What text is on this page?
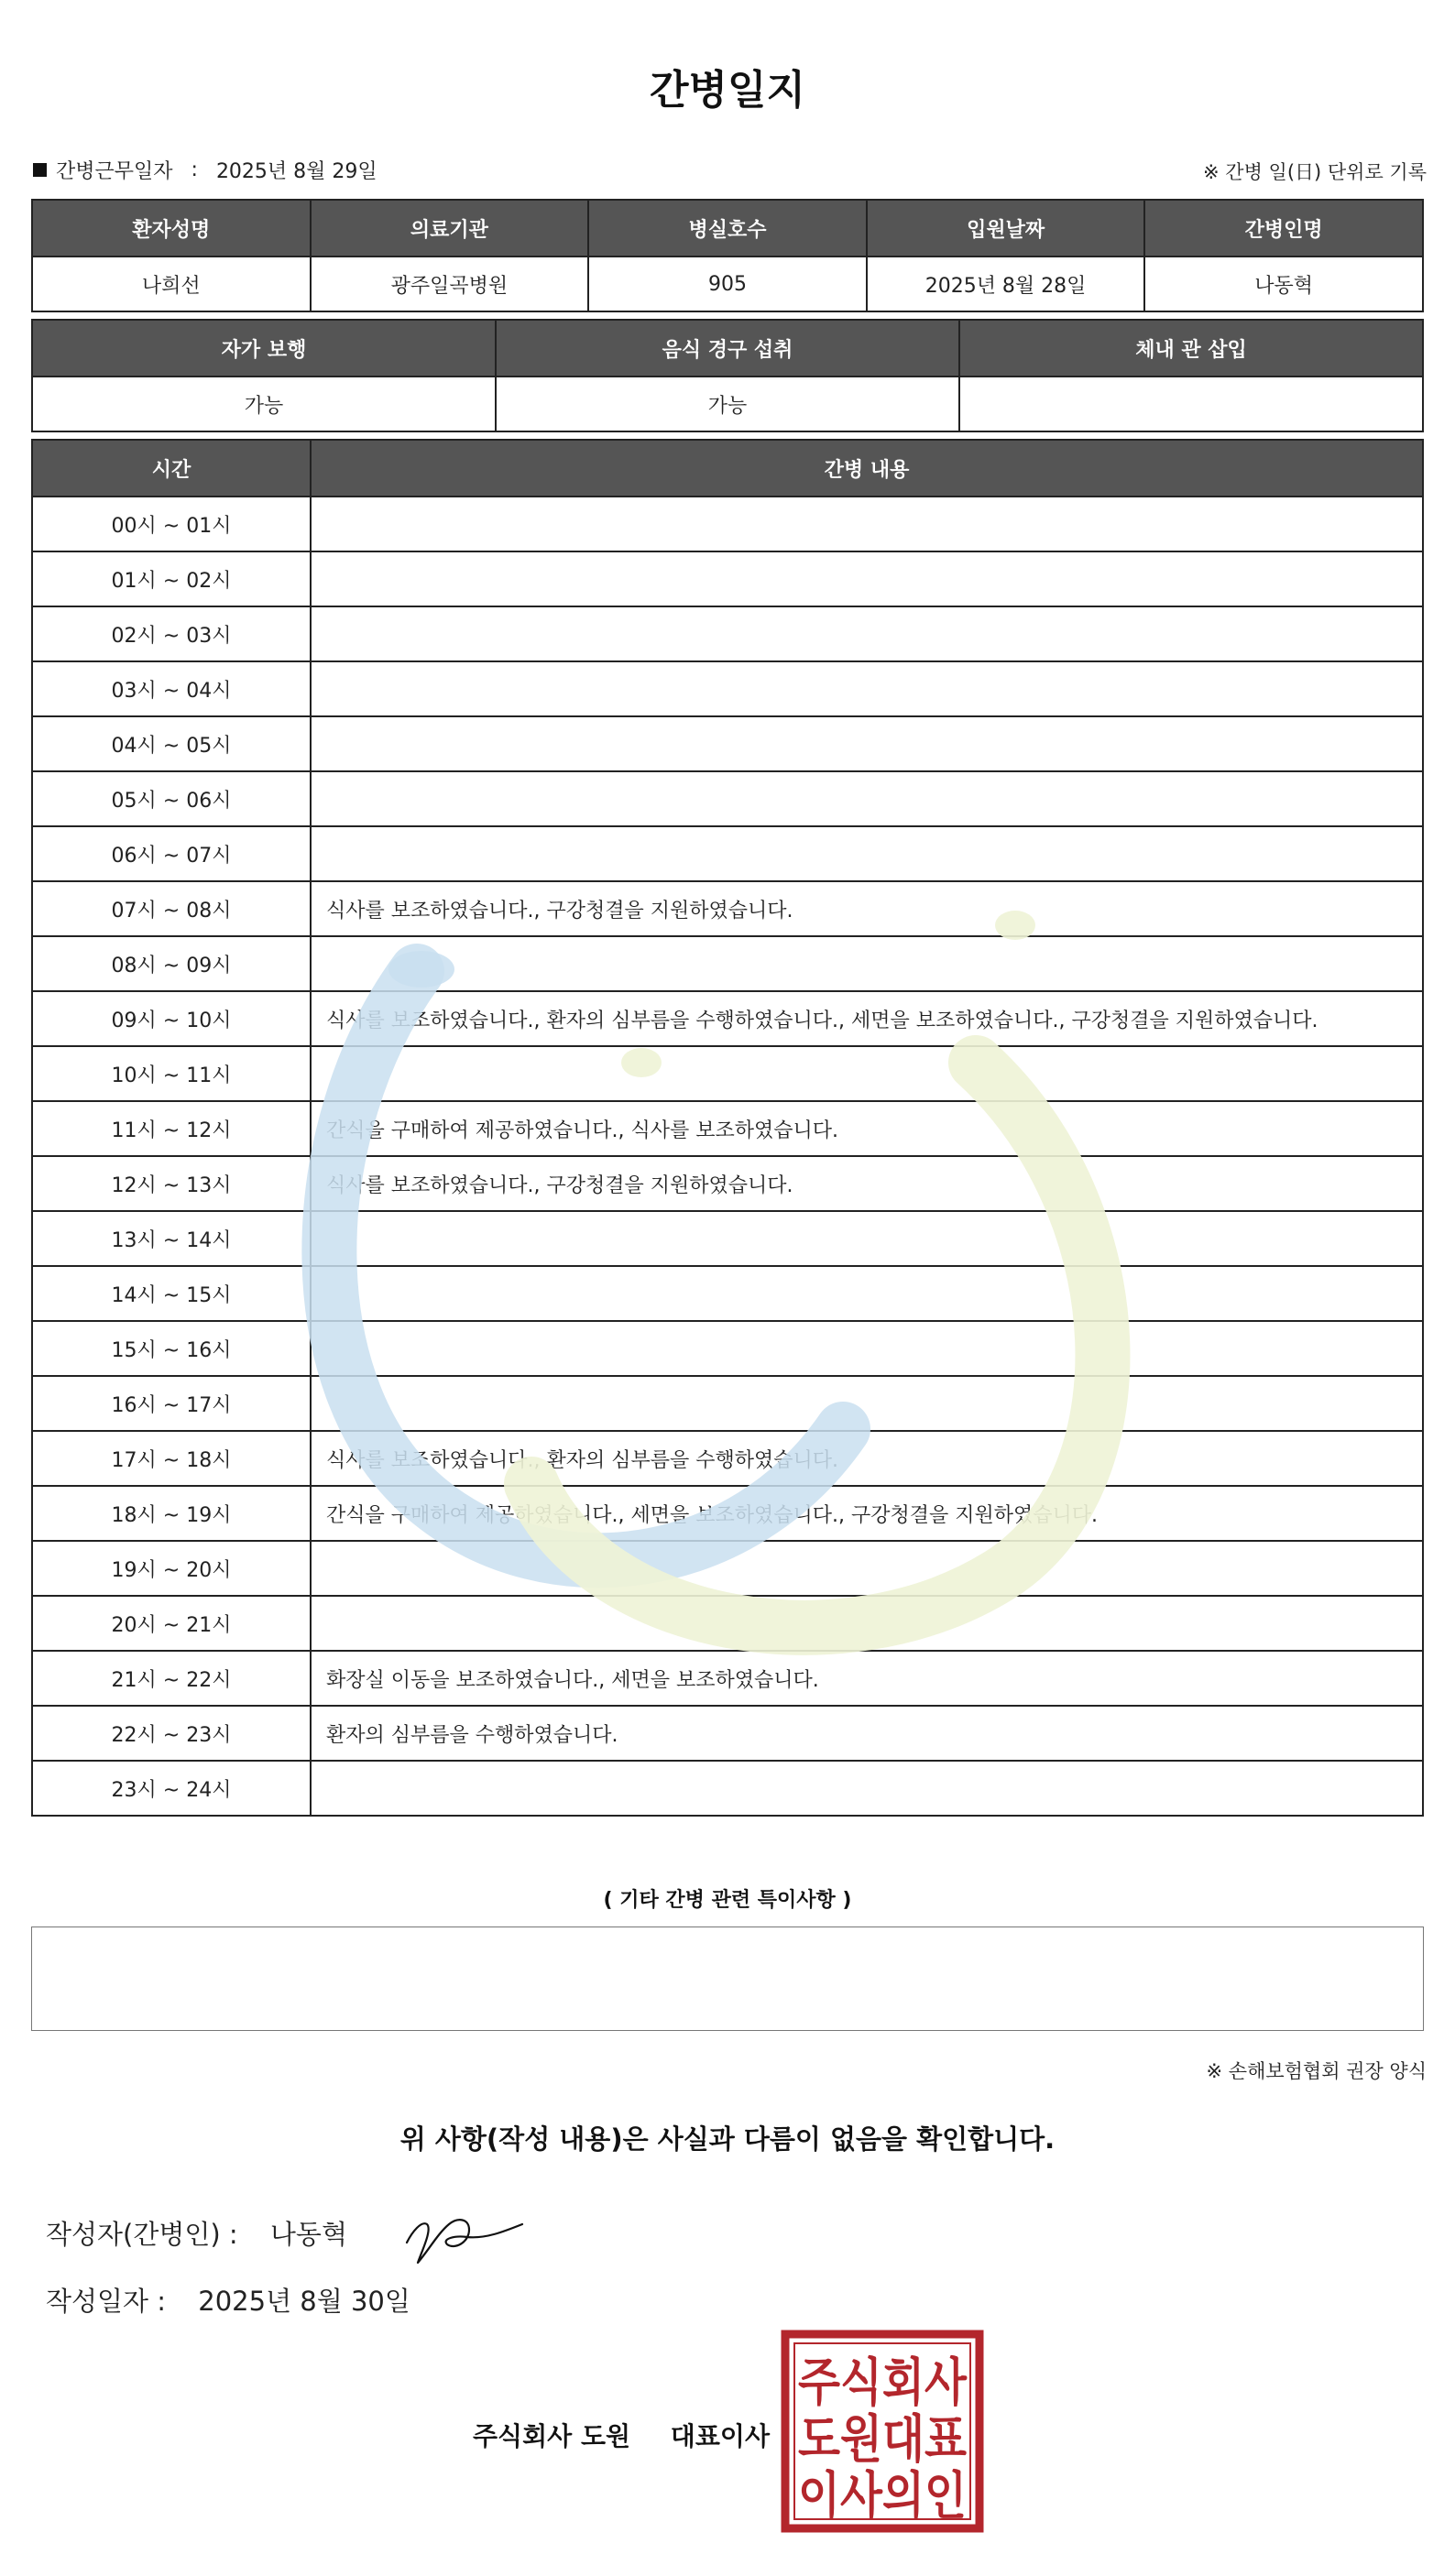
간병일지
간병근무일자 : 2025년 8월 29일	※ 간병 일(日) 단위로 기록
환자성명	의료기관	병실호수	입원날짜	간병인명
나희선	광주일곡병원	905	2025년 8월 28일	나동혁
자가 보행	음식 경구 섭취	체내 관 삽입
가능	가능	
시간	간병 내용
00시 ~ 01시	
01시 ~ 02시	
02시 ~ 03시	
03시 ~ 04시	
04시 ~ 05시	
05시 ~ 06시	
06시 ~ 07시	
07시 ~ 08시	식사를 보조하였습니다., 구강청결을 지원하였습니다.
08시 ~ 09시	
09시 ~ 10시	식사를 보조하였습니다., 환자의 심부름을 수행하였습니다., 세면을 보조하였습니다., 구강청결을 지원하였습니다.
10시 ~ 11시	
11시 ~ 12시	간식을 구매하여 제공하였습니다., 식사를 보조하였습니다.
12시 ~ 13시	식사를 보조하였습니다., 구강청결을 지원하였습니다.
13시 ~ 14시	
14시 ~ 15시	
15시 ~ 16시	
16시 ~ 17시	
17시 ~ 18시	식사를 보조하였습니다., 환자의 심부름을 수행하였습니다.
18시 ~ 19시	간식을 구매하여 제공하였습니다., 세면을 보조하였습니다., 구강청결을 지원하였습니다.
19시 ~ 20시	
20시 ~ 21시	
21시 ~ 22시	화장실 이동을 보조하였습니다., 세면을 보조하였습니다.
22시 ~ 23시	환자의 심부름을 수행하였습니다.
23시 ~ 24시	
( 기타 간병 관련 특이사항 )
※ 손해보험협회 권장 양식
위 사항(작성 내용)은 사실과 다름이 없음을 확인합니다.
작성자(간병인) : 나동혁
작성일자 : 2025년 8월 30일
주식회사 도원 대표이사
주식회사
도원대표
이사의인
